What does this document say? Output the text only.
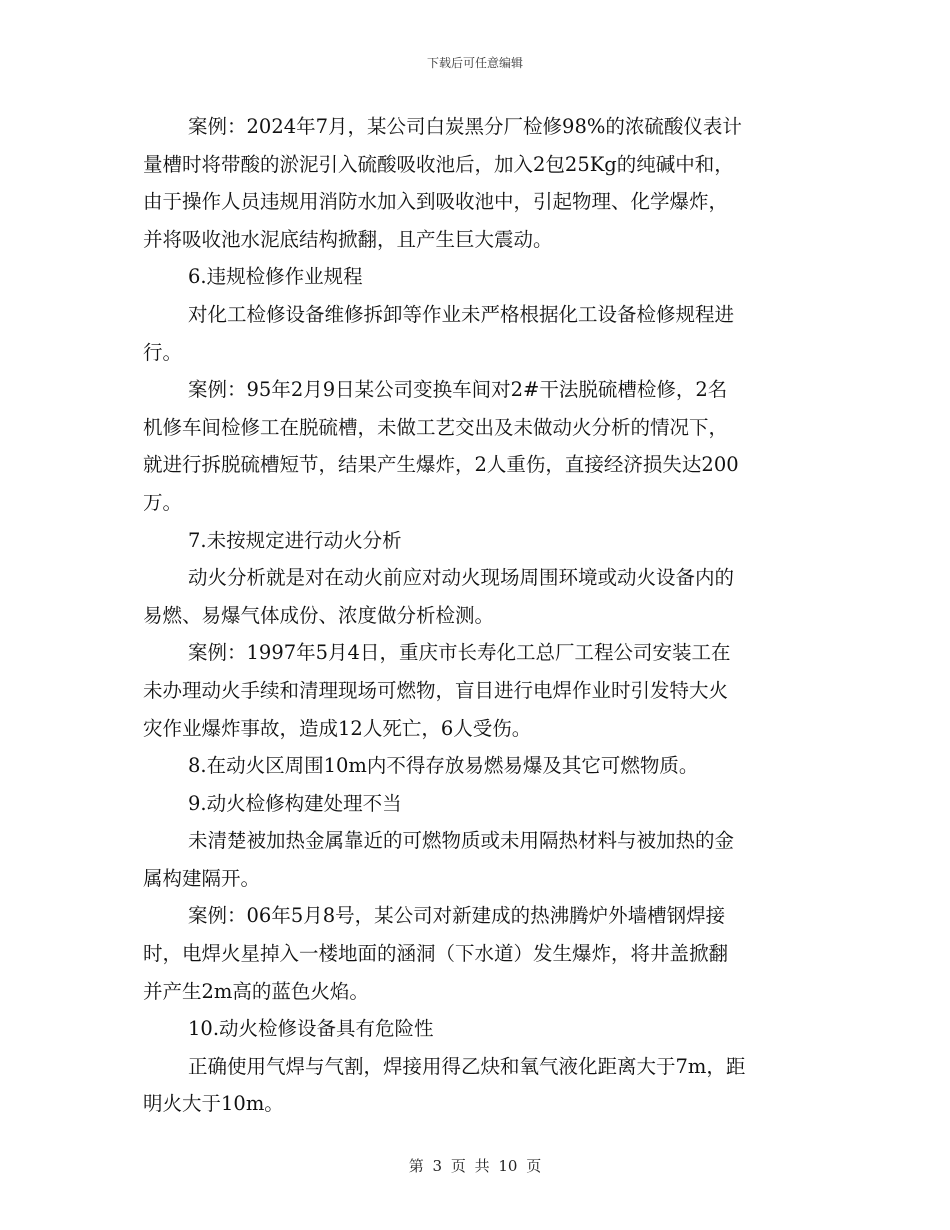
下载后可任意编辑

案例：2024年7月，某公司白炭黑分厂检修98%的浓硫酸仪表计

量槽时将带酸的淤泥引入硫酸吸收池后，加入2包25Kg的纯碱中和，

由于操作人员违规用消防水加入到吸收池中，引起物理、化学爆炸，

并将吸收池水泥底结构掀翻，且产生巨大震动。

6.违规检修作业规程

对化工检修设备维修拆卸等作业未严格根据化工设备检修规程进

行。

案例：95年2月9日某公司变换车间对2#干法脱硫槽检修，2名

机修车间检修工在脱硫槽，未做工艺交出及未做动火分析的情况下，

就进行拆脱硫槽短节，结果产生爆炸，2人重伤，直接经济损失达200

万。

7.未按规定进行动火分析

动火分析就是对在动火前应对动火现场周围环境或动火设备内的

易燃、易爆气体成份、浓度做分析检测。

案例：1997年5月4日，重庆市长寿化工总厂工程公司安装工在

未办理动火手续和清理现场可燃物，盲目进行电焊作业时引发特大火

灾作业爆炸事故，造成12人死亡，6人受伤。

8.在动火区周围10m内不得存放易燃易爆及其它可燃物质。

9.动火检修构建处理不当

未清楚被加热金属靠近的可燃物质或未用隔热材料与被加热的金

属构建隔开。

案例：06年5月8号，某公司对新建成的热沸腾炉外墙槽钢焊接

时，电焊火星掉入一楼地面的涵洞（下水道）发生爆炸，将井盖掀翻

并产生2m高的蓝色火焰。

10.动火检修设备具有危险性

正确使用气焊与气割，焊接用得乙炔和氧气液化距离大于7m，距

明火大于10m。

第 3 页 共 10 页
